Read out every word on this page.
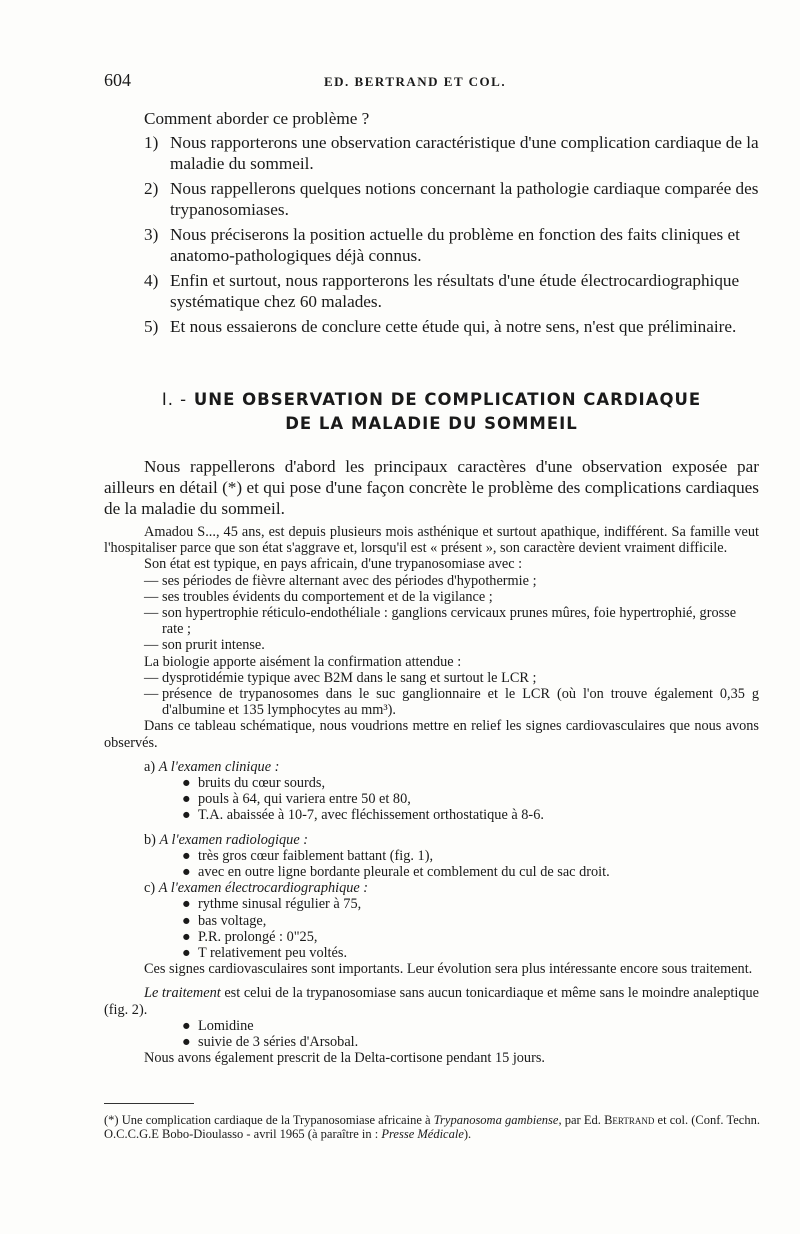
604	ED. BERTRAND ET COL.

Comment aborder ce problème ?

1) Nous rapporterons une observation caractéristique d'une complication cardiaque de la maladie du sommeil.
2) Nous rappellerons quelques notions concernant la pathologie cardiaque comparée des trypanosomiases.
3) Nous préciserons la position actuelle du problème en fonction des faits cliniques et anatomo-pathologiques déjà connus.
4) Enfin et surtout, nous rapporterons les résultats d'une étude électrocardiographique systématique chez 60 malades.
5) Et nous essaierons de conclure cette étude qui, à notre sens, n'est que préliminaire.
I. - UNE OBSERVATION DE COMPLICATION CARDIAQUE
DE LA MALADIE DU SOMMEIL

Nous rappellerons d'abord les principaux caractères d'une observation exposée par ailleurs en détail (*) et qui pose d'une façon concrète le problème des complications cardiaques de la maladie du sommeil.

Amadou S..., 45 ans, est depuis plusieurs mois asthénique et surtout apathique, indifférent. Sa famille veut l'hospitaliser parce que son état s'aggrave et, lorsqu'il est « présent », son caractère devient vraiment difficile.

Son état est typique, en pays africain, d'une trypanosomiase avec :

— ses périodes de fièvre alternant avec des périodes d'hypothermie ;
— ses troubles évidents du comportement et de la vigilance ;
— son hypertrophie réticulo-endothéliale : ganglions cervicaux prunes mûres, foie hypertrophié, grosse rate ;
— son prurit intense.

La biologie apporte aisément la confirmation attendue :

— dysprotidémie typique avec B2M dans le sang et surtout le LCR ;
— présence de trypanosomes dans le suc ganglionnaire et le LCR (où l'on trouve également 0,35 g d'albumine et 135 lymphocytes au mm³).

Dans ce tableau schématique, nous voudrions mettre en relief les signes cardiovasculaires que nous avons observés.

a) A l'examen clinique :
● bruits du cœur sourds,
● pouls à 64, qui variera entre 50 et 80,
● T.A. abaissée à 10-7, avec fléchissement orthostatique à 8-6.
b) A l'examen radiologique :
● très gros cœur faiblement battant (fig. 1),
● avec en outre ligne bordante pleurale et comblement du cul de sac droit.
c) A l'examen électrocardiographique :
● rythme sinusal régulier à 75,
● bas voltage,
● P.R. prolongé : 0"25,
● T relativement peu voltés.

Ces signes cardiovasculaires sont importants. Leur évolution sera plus intéressante encore sous traitement.

Le traitement est celui de la trypanosomiase sans aucun tonicardiaque et même sans le moindre analeptique (fig. 2).

● Lomidine
● suivie de 3 séries d'Arsobal.

Nous avons également prescrit de la Delta-cortisone pendant 15 jours.

(*) Une complication cardiaque de la Trypanosomiase africaine à Trypanosoma gambiense, par Ed. Bertrand et col. (Conf. Techn. O.C.C.G.E Bobo-Dioulasso - avril 1965 (à paraître in : Presse Médicale).
